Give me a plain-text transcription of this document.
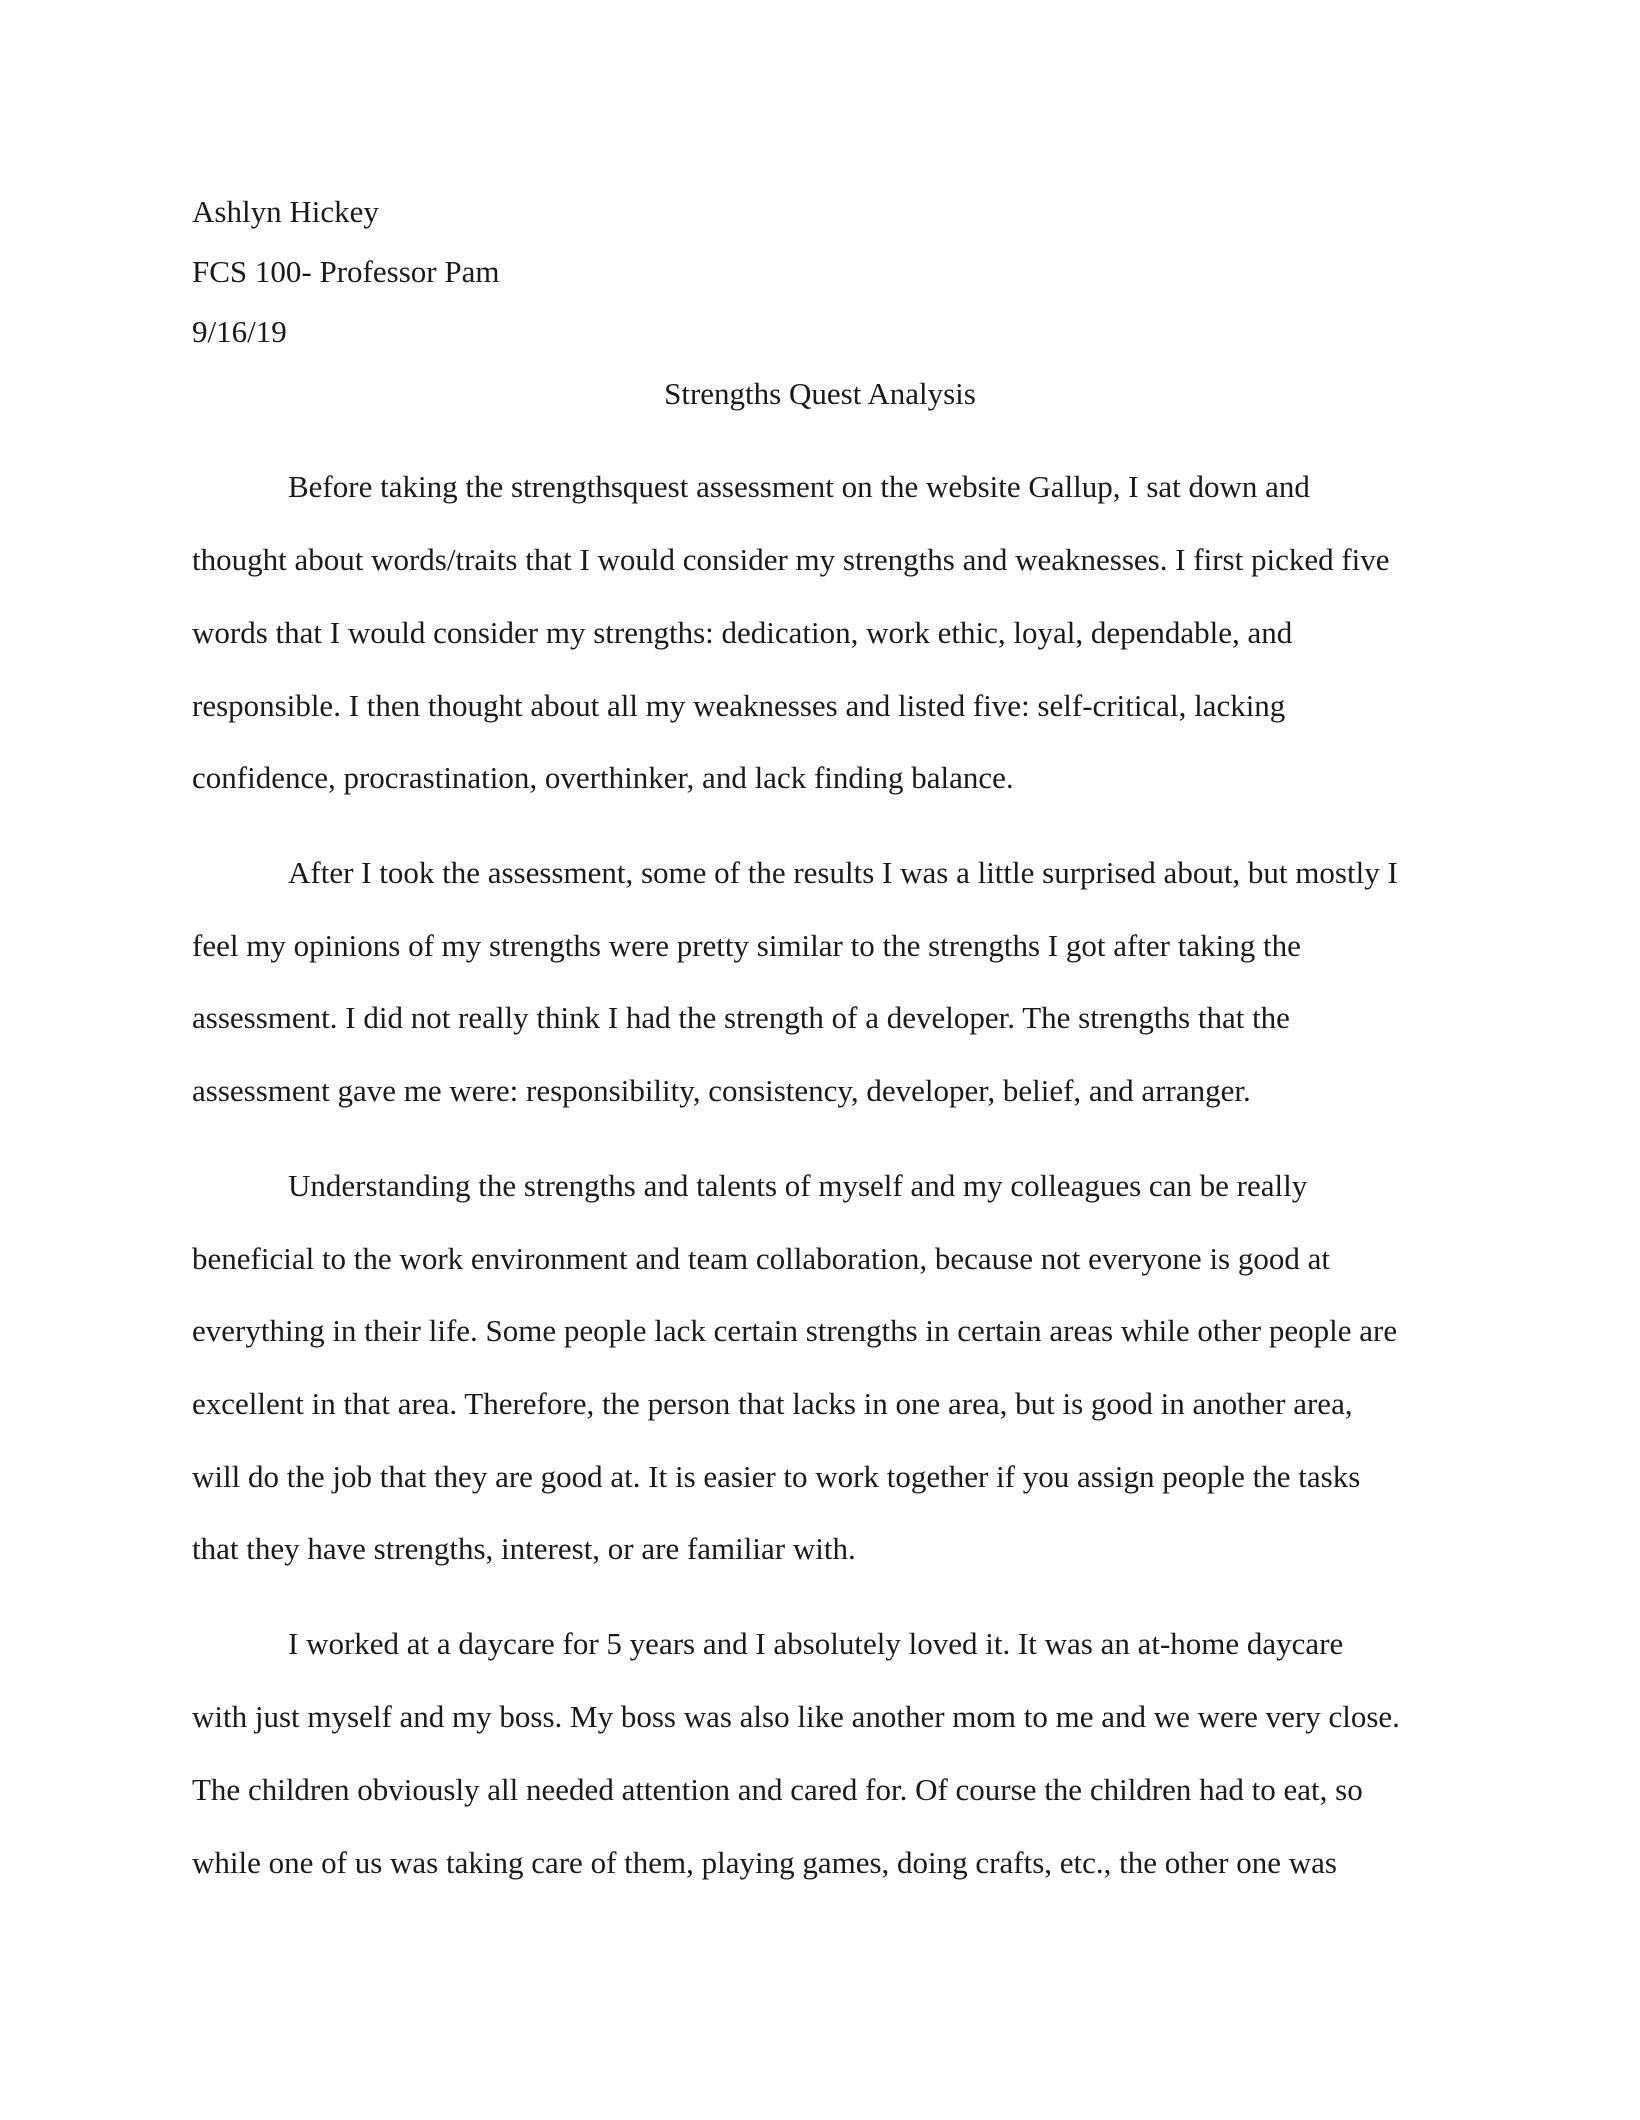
Ashlyn Hickey
FCS 100- Professor Pam
9/16/19
Strengths Quest Analysis
Before taking the strengthsquest assessment on the website Gallup, I sat down and
thought about words/traits that I would consider my strengths and weaknesses. I first picked five
words that I would consider my strengths: dedication, work ethic, loyal, dependable, and
responsible. I then thought about all my weaknesses and listed five: self-critical, lacking
confidence, procrastination, overthinker, and lack finding balance.
After I took the assessment, some of the results I was a little surprised about, but mostly I
feel my opinions of my strengths were pretty similar to the strengths I got after taking the
assessment. I did not really think I had the strength of a developer. The strengths that the
assessment gave me were: responsibility, consistency, developer, belief, and arranger.
Understanding the strengths and talents of myself and my colleagues can be really
beneficial to the work environment and team collaboration, because not everyone is good at
everything in their life. Some people lack certain strengths in certain areas while other people are
excellent in that area. Therefore, the person that lacks in one area, but is good in another area,
will do the job that they are good at. It is easier to work together if you assign people the tasks
that they have strengths, interest, or are familiar with.
I worked at a daycare for 5 years and I absolutely loved it. It was an at-home daycare
with just myself and my boss. My boss was also like another mom to me and we were very close.
The children obviously all needed attention and cared for. Of course the children had to eat, so
while one of us was taking care of them, playing games, doing crafts, etc., the other one was
